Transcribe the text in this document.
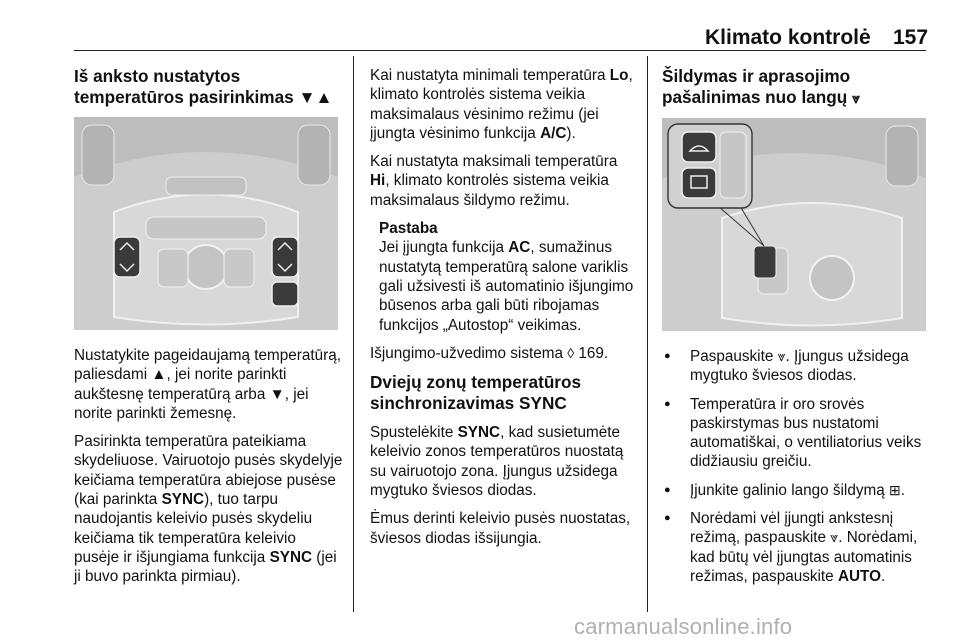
Klimato kontrolė 157
Iš anksto nustatytos temperatūros pasirinkimas ▼▲

Nustatykite pageidaujamą temperatūrą, paliesdami ▲, jei norite parinkti aukštesnę temperatūrą arba ▼, jei norite parinkti žemesnę.

Pasirinkta temperatūra pateikiama skydeliuose. Vairuotojo pusės skydelyje keičiama temperatūra abiejose pusėse (kai parinkta SYNC), tuo tarpu naudojantis keleivio pusės skydeliu keičiama tik temperatūra keleivio pusėje ir išjungiama funkcija SYNC (jei ji buvo parinkta pirmiau).

Kai nustatyta minimali temperatūra Lo, klimato kontrolės sistema veikia maksimalaus vėsinimo režimu (jei įjungta vėsinimo funkcija A/C).

Kai nustatyta maksimali temperatūra Hi, klimato kontrolės sistema veikia maksimalaus šildymo režimu.

Pastaba
Jei įjungta funkcija AC, sumažinus nustatytą temperatūrą salone variklis gali užsivesti iš automatinio išjungimo būsenos arba gali būti ribojamas funkcijos „Autostop“ veikimas.

Išjungimo-užvedimo sistema ◊ 169.

Dviejų zonų temperatūros sinchronizavimas SYNC

Spustelėkite SYNC, kad susietumėte keleivio zonos temperatūros nuostatą su vairuotojo zona. Įjungus užsidega mygtuko šviesos diodas.

Ėmus derinti keleivio pusės nuostatas, šviesos diodas išsijungia.

Šildymas ir aprasojimo pašalinimas nuo langų ⩔
● Paspauskite ⩔. Įjungus užsidega mygtuko šviesos diodas.
● Temperatūra ir oro srovės paskirstymas bus nustatomi automatiškai, o ventiliatorius veiks didžiausiu greičiu.
● Įjunkite galinio lango šildymą ⊞.
● Norėdami vėl įjungti ankstesnį režimą, paspauskite ⩔. Norėdami, kad būtų vėl įjungtas automatinis režimas, paspauskite AUTO.
carmanualsonline.info
